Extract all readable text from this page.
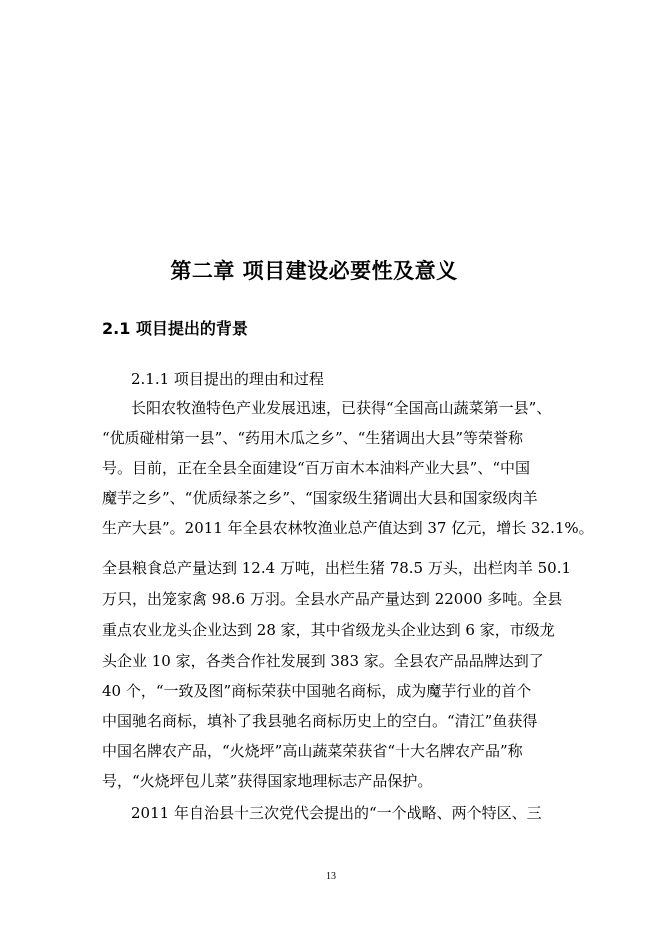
第二章 项目建设必要性及意义
2.1 项目提出的背景
2.1.1 项目提出的理由和过程
长阳农牧渔特色产业发展迅速，已获得“全国高山蔬菜第一县”、
“优质碰柑第一县”、“药用木瓜之乡”、“生猪调出大县”等荣誉称
号。目前，正在全县全面建设“百万亩木本油料产业大县”、“中国
魔芋之乡”、“优质绿茶之乡”、“国家级生猪调出大县和国家级肉羊
生产大县”。2011 年全县农林牧渔业总产值达到 37 亿元，增长 32.1%。
全县粮食总产量达到 12.4 万吨，出栏生猪 78.5 万头，出栏肉羊 50.1
万只，出笼家禽 98.6 万羽。全县水产品产量达到 22000 多吨。全县
重点农业龙头企业达到 28 家，其中省级龙头企业达到 6 家，市级龙
头企业 10 家，各类合作社发展到 383 家。全县农产品品牌达到了
40 个，“一致及图”商标荣获中国驰名商标，成为魔芋行业的首个
中国驰名商标，填补了我县驰名商标历史上的空白。“清江”鱼获得
中国名牌农产品，“火烧坪”高山蔬菜荣获省“十大名牌农产品”称
号，“火烧坪包儿菜”获得国家地理标志产品保护。
2011 年自治县十三次党代会提出的“一个战略、两个特区、三
13
